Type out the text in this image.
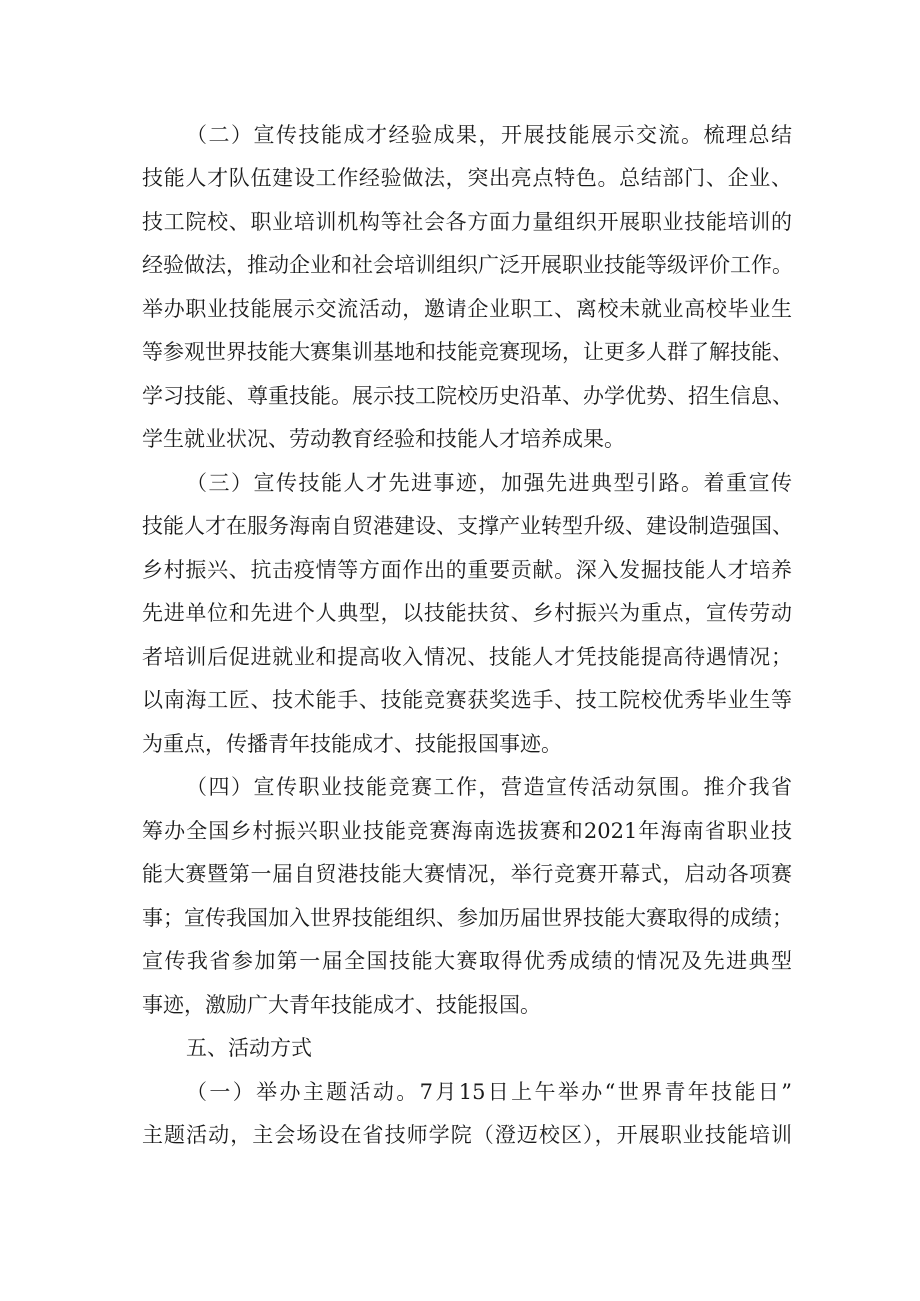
（二）宣传技能成才经验成果，开展技能展示交流。梳理总结
技能人才队伍建设工作经验做法，突出亮点特色。总结部门、企业、
技工院校、职业培训机构等社会各方面力量组织开展职业技能培训的
经验做法，推动企业和社会培训组织广泛开展职业技能等级评价工作。
举办职业技能展示交流活动，邀请企业职工、离校未就业高校毕业生
等参观世界技能大赛集训基地和技能竞赛现场，让更多人群了解技能、
学习技能、尊重技能。展示技工院校历史沿革、办学优势、招生信息、
学生就业状况、劳动教育经验和技能人才培养成果。
（三）宣传技能人才先进事迹，加强先进典型引路。着重宣传
技能人才在服务海南自贸港建设、支撑产业转型升级、建设制造强国、
乡村振兴、抗击疫情等方面作出的重要贡献。深入发掘技能人才培养
先进单位和先进个人典型，以技能扶贫、乡村振兴为重点，宣传劳动
者培训后促进就业和提高收入情况、技能人才凭技能提高待遇情况；
以南海工匠、技术能手、技能竞赛获奖选手、技工院校优秀毕业生等
为重点，传播青年技能成才、技能报国事迹。
（四）宣传职业技能竞赛工作，营造宣传活动氛围。推介我省
筹办全国乡村振兴职业技能竞赛海南选拔赛和2021年海南省职业技
能大赛暨第一届自贸港技能大赛情况，举行竞赛开幕式，启动各项赛
事；宣传我国加入世界技能组织、参加历届世界技能大赛取得的成绩；
宣传我省参加第一届全国技能大赛取得优秀成绩的情况及先进典型
事迹，激励广大青年技能成才、技能报国。
五、活动方式
（一）举办主题活动。7月15日上午举办“世界青年技能日”
主题活动，主会场设在省技师学院（澄迈校区），开展职业技能培训
